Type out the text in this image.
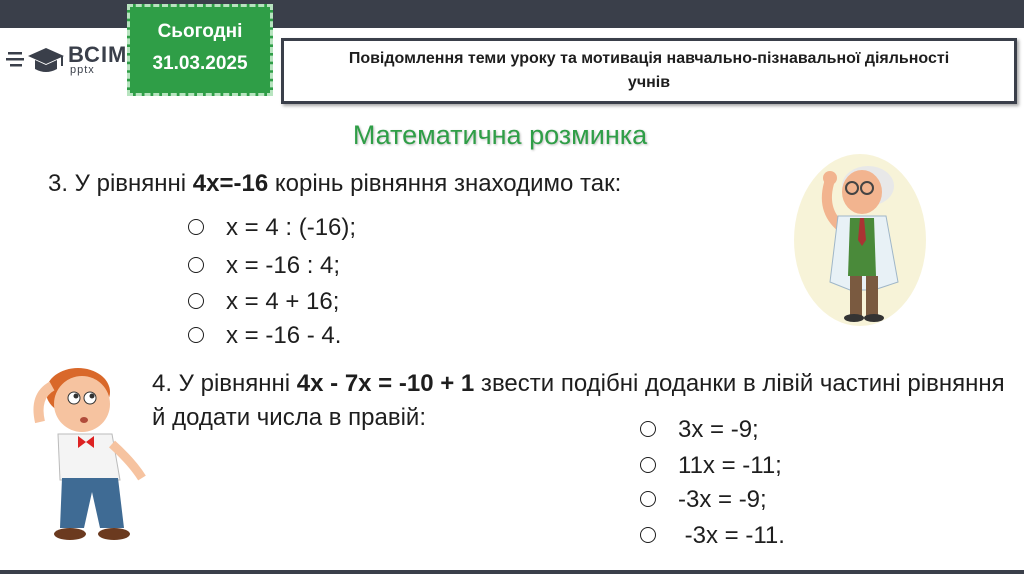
ВСІМ
pptx
Сьогодні
31.03.2025	Повідомлення теми уроку та мотивація навчально-пізнавальної діяльності учнів
Математична розминка
3. У рівнянні 4х=-16 корінь рівняння знаходимо так:
х = 4 : (-16);
х = -16 : 4;
х = 4 + 16;
х = -16 - 4.
4. У рівнянні 4х - 7х = -10 + 1 звести подібні доданки в лівій частині рівняння й додати числа в правій:	3х = -9;
11х = -11;
-3х = -9;
-3х = -11.
